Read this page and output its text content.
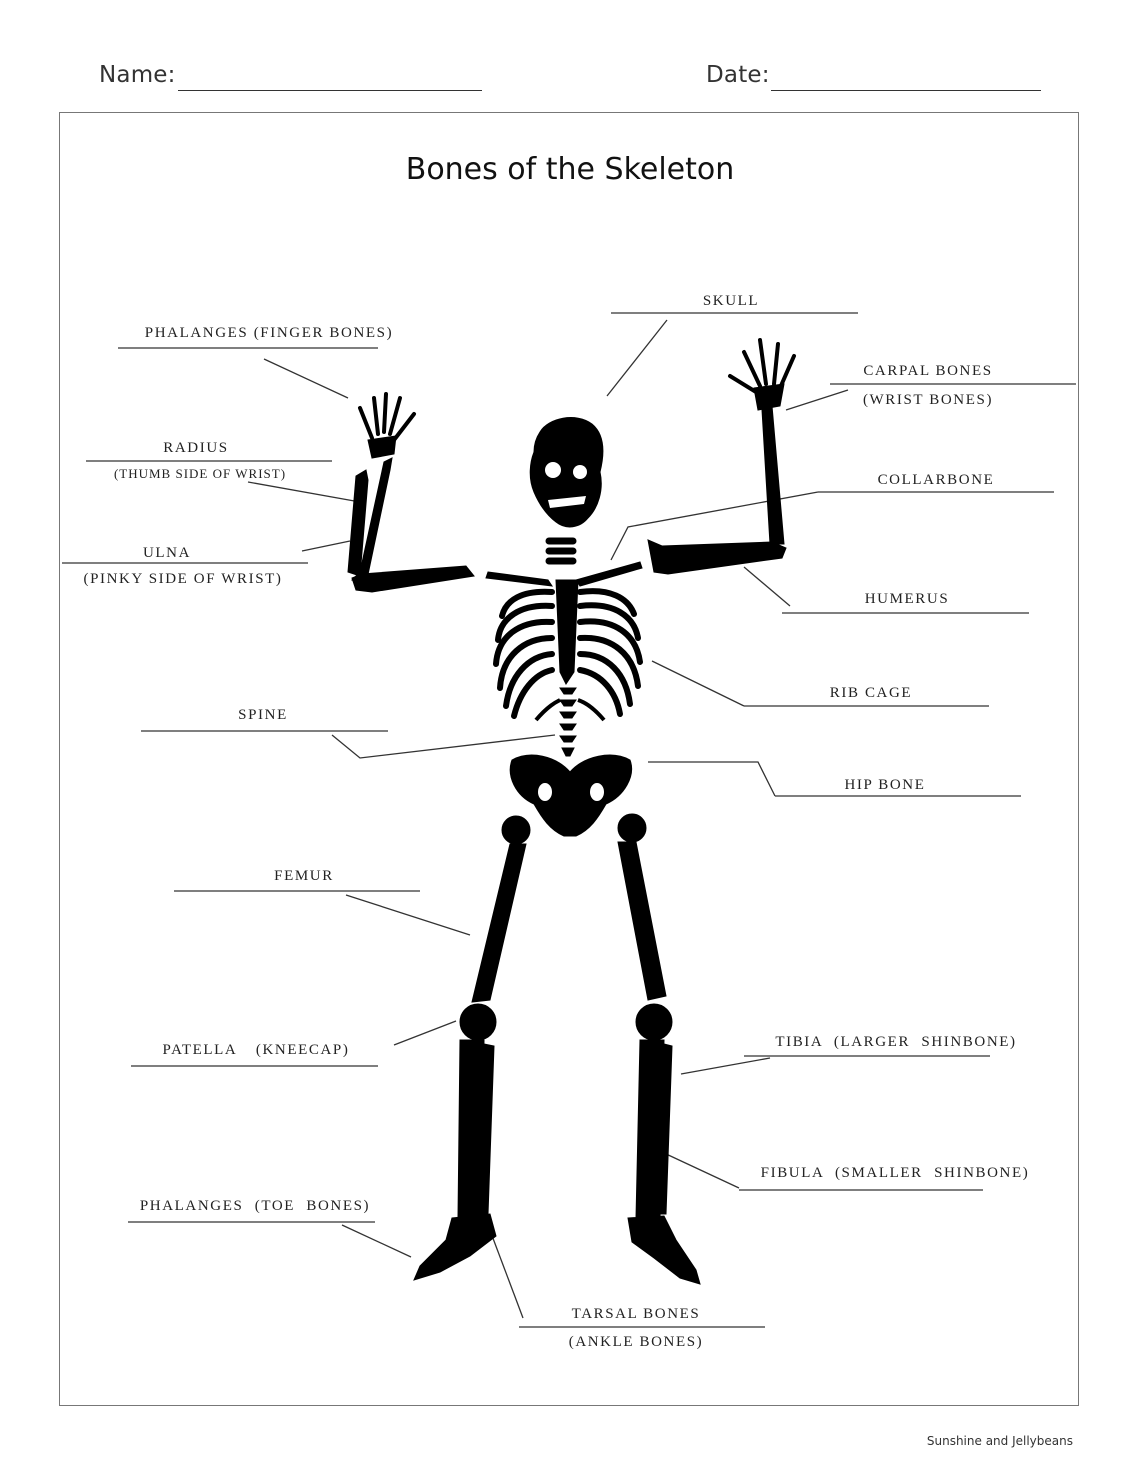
Name:	Date:
Bones of the Skeleton
SKULL
PHALANGES (FINGER BONES)
CARPAL BONES
(WRIST BONES)
RADIUS
(THUMB SIDE OF WRIST)	COLLARBONE
ULNA
(PINKY SIDE OF WRIST)
HUMERUS
RIB CAGE
SPINE
HIP BONE
FEMUR
PATELLA (KNEECAP)	TIBIA (LARGER SHINBONE)
FIBULA (SMALLER SHINBONE)
PHALANGES (TOE BONES)
TARSAL BONES
(ANKLE BONES)
Sunshine and Jellybeans
